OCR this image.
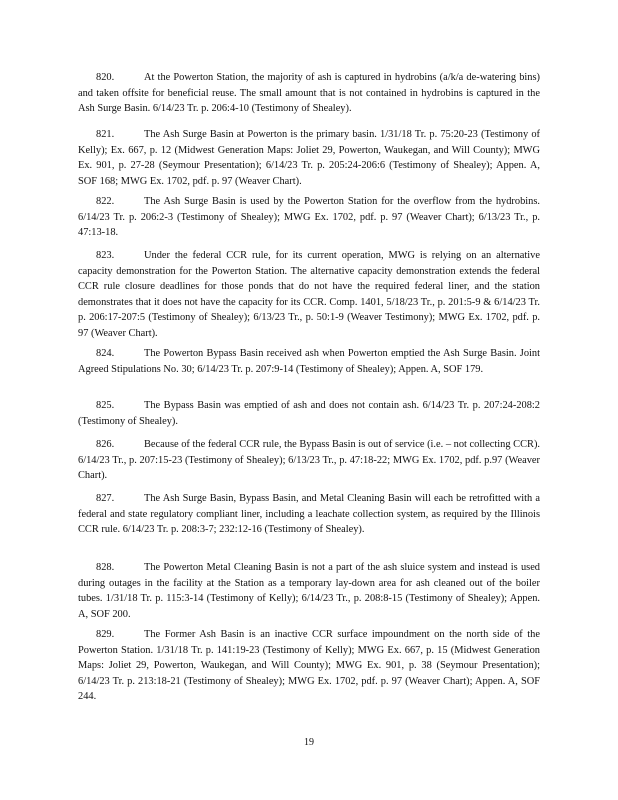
820.	At the Powerton Station, the majority of ash is captured in hydrobins (a/k/a de-watering bins) and taken offsite for beneficial reuse. The small amount that is not contained in hydrobins is captured in the Ash Surge Basin. 6/14/23 Tr. p. 206:4-10 (Testimony of Shealey).

821.	The Ash Surge Basin at Powerton is the primary basin. 1/31/18 Tr. p. 75:20-23 (Testimony of Kelly); Ex. 667, p. 12 (Midwest Generation Maps: Joliet 29, Powerton, Waukegan, and Will County); MWG Ex. 901, p. 27-28 (Seymour Presentation); 6/14/23 Tr. p. 205:24-206:6 (Testimony of Shealey); Appen. A, SOF 168; MWG Ex. 1702, pdf. p. 97 (Weaver Chart).

822.	The Ash Surge Basin is used by the Powerton Station for the overflow from the hydrobins. 6/14/23 Tr. p. 206:2-3 (Testimony of Shealey); MWG Ex. 1702, pdf. p. 97 (Weaver Chart); 6/13/23 Tr., p. 47:13-18.

823.	Under the federal CCR rule, for its current operation, MWG is relying on an alternative capacity demonstration for the Powerton Station. The alternative capacity demonstration extends the federal CCR rule closure deadlines for those ponds that do not have the required federal liner, and the station demonstrates that it does not have the capacity for its CCR. Comp. 1401, 5/18/23 Tr., p. 201:5-9 & 6/14/23 Tr. p. 206:17-207:5 (Testimony of Shealey); 6/13/23 Tr., p. 50:1-9 (Weaver Testimony); MWG Ex. 1702, pdf. p. 97 (Weaver Chart).

824.	The Powerton Bypass Basin received ash when Powerton emptied the Ash Surge Basin. Joint Agreed Stipulations No. 30; 6/14/23 Tr. p. 207:9-14 (Testimony of Shealey); Appen. A, SOF 179.

825.	The Bypass Basin was emptied of ash and does not contain ash. 6/14/23 Tr. p. 207:24-208:2 (Testimony of Shealey).

826.	Because of the federal CCR rule, the Bypass Basin is out of service (i.e. – not collecting CCR). 6/14/23 Tr., p. 207:15-23 (Testimony of Shealey); 6/13/23 Tr., p. 47:18-22; MWG Ex. 1702, pdf. p.97 (Weaver Chart).

827.	The Ash Surge Basin, Bypass Basin, and Metal Cleaning Basin will each be retrofitted with a federal and state regulatory compliant liner, including a leachate collection system, as required by the Illinois CCR rule. 6/14/23 Tr. p. 208:3-7; 232:12-16 (Testimony of Shealey).

828.	The Powerton Metal Cleaning Basin is not a part of the ash sluice system and instead is used during outages in the facility at the Station as a temporary lay-down area for ash cleaned out of the boiler tubes. 1/31/18 Tr. p. 115:3-14 (Testimony of Kelly); 6/14/23 Tr., p. 208:8-15 (Testimony of Shealey); Appen. A, SOF 200.

829.	The Former Ash Basin is an inactive CCR surface impoundment on the north side of the Powerton Station. 1/31/18 Tr. p. 141:19-23 (Testimony of Kelly); MWG Ex. 667, p. 15 (Midwest Generation Maps: Joliet 29, Powerton, Waukegan, and Will County); MWG Ex. 901, p. 38 (Seymour Presentation); 6/14/23 Tr. p. 213:18-21 (Testimony of Shealey); MWG Ex. 1702, pdf. p. 97 (Weaver Chart); Appen. A, SOF 244.

19
